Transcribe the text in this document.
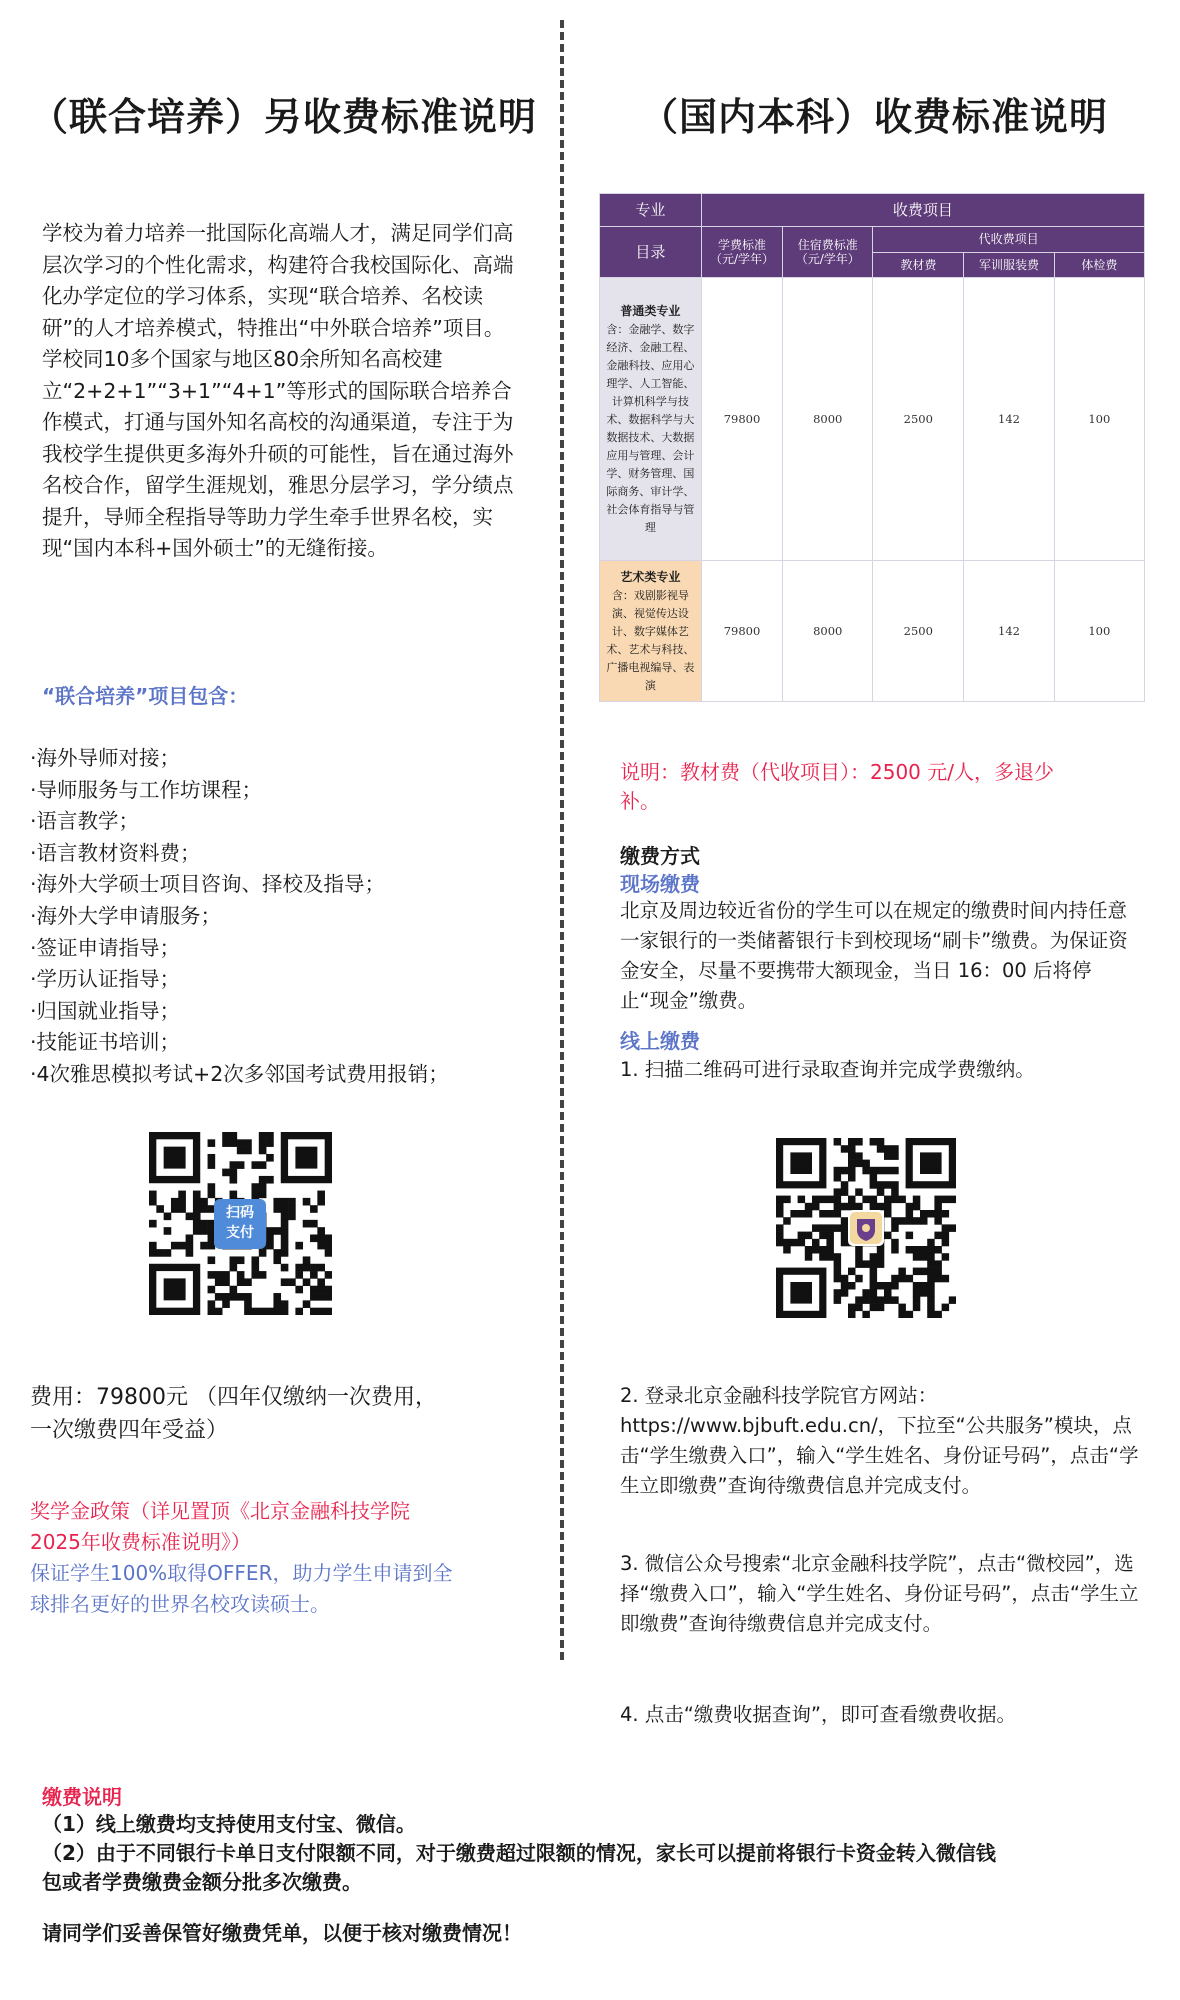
（联合培养）另收费标准说明

学校为着力培养一批国际化高端人才，满足同学们高层次学习的个性化需求，构建符合我校国际化、高端化办学定位的学习体系，实现“联合培养、名校读研”的人才培养模式，特推出“中外联合培养”项目。

学校同10多个国家与地区80余所知名高校建立“2+2+1”“3+1”“4+1”等形式的国际联合培养合作模式，打通与国外知名高校的沟通渠道，专注于为我校学生提供更多海外升硕的可能性，旨在通过海外名校合作，留学生涯规划，雅思分层学习，学分绩点提升，导师全程指导等助力学生牵手世界名校，实现“国内本科+国外硕士”的无缝衔接。

“联合培养”项目包含：
·海外导师对接；
·导师服务与工作坊课程；
·语言教学；
·语言教材资料费；
·海外大学硕士项目咨询、择校及指导；
·海外大学申请服务；
·签证申请指导；
·学历认证指导；
·归国就业指导；
·技能证书培训；
·4次雅思模拟考试+2次多邻国考试费用报销；
扫码支付
费用：79800元 （四年仅缴纳一次费用，
一次缴费四年受益）
奖学金政策（详见置顶《北京金融科技学院
2025年收费标准说明》）
保证学生100%取得OFFER，助力学生申请到全
球排名更好的世界名校攻读硕士。
（国内本科）收费标准说明
专业	收费项目				
目录	学费标准（元/学年）	住宿费标准（元/学年）	代收费项目		
			教材费	军训服装费	体检费
普通类专业
含：金融学、数字经济、金融工程、金融科技、应用心理学、人工智能、计算机科学与技术、数据科学与大数据技术、大数据应用与管理、会计学、财务管理、国际商务、审计学、社会体育指导与管理	79800	8000	2500	142	100
艺术类专业
含：戏剧影视导演、视觉传达设计、数字媒体艺术、艺术与科技、广播电视编导、表演	79800	8000	2500	142	100
说明：教材费（代收项目）：2500 元/人，多退少
补。
缴费方式
现场缴费
北京及周边较近省份的学生可以在规定的缴费时间内持任意一家银行的一类储蓄银行卡到校现场“刷卡”缴费。为保证资金安全，尽量不要携带大额现金，当日 16：00 后将停止“现金”缴费。
线上缴费
1. 扫描二维码可进行录取查询并完成学费缴纳。
2. 登录北京金融科技学院官方网站：https://www.bjbuft.edu.cn/，下拉至“公共服务”模块，点击“学生缴费入口”，输入“学生姓名、身份证号码”，点击“学生立即缴费”查询待缴费信息并完成支付。
3. 微信公众号搜索“北京金融科技学院”，点击“微校园”，选择“缴费入口”，输入“学生姓名、身份证号码”，点击“学生立即缴费”查询待缴费信息并完成支付。
4. 点击“缴费收据查询”，即可查看缴费收据。
缴费说明
（1）线上缴费均支持使用支付宝、微信。
（2）由于不同银行卡单日支付限额不同，对于缴费超过限额的情况，家长可以提前将银行卡资金转入微信钱
包或者学费缴费金额分批多次缴费。
请同学们妥善保管好缴费凭单，以便于核对缴费情况！
